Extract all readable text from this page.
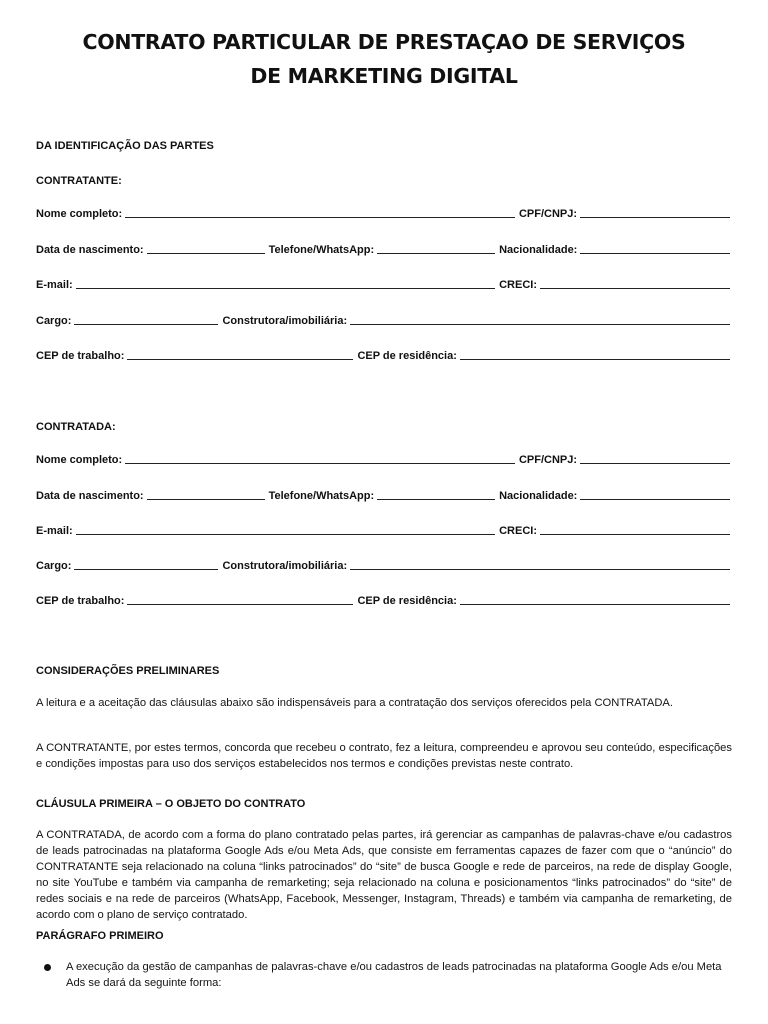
CONTRATO PARTICULAR DE PRESTAÇAO DE SERVIÇOS
DE MARKETING DIGITAL
DA IDENTIFICAÇÃO DAS PARTES
CONTRATANTE:
Nome completo:	CPF/CNPJ:
Data de nascimento:	Telefone/WhatsApp:	Nacionalidade:
E-mail:	CRECI:
Cargo:	Construtora/imobiliária:
CEP de trabalho:	CEP de residência:
CONTRATADA:
Nome completo:	CPF/CNPJ:
Data de nascimento:	Telefone/WhatsApp:	Nacionalidade:
E-mail:	CRECI:
Cargo:	Construtora/imobiliária:
CEP de trabalho:	CEP de residência:
CONSIDERAÇÕES PRELIMINARES
A leitura e a aceitação das cláusulas abaixo são indispensáveis para a contratação dos serviços oferecidos pela CONTRATADA.
A CONTRATANTE, por estes termos, concorda que recebeu o contrato, fez a leitura, compreendeu e aprovou seu conteúdo, especificações e condições impostas para uso dos serviços estabelecidos nos termos e condições previstas neste contrato.
CLÁUSULA PRIMEIRA – O OBJETO DO CONTRATO
A CONTRATADA, de acordo com a forma do plano contratado pelas partes, irá gerenciar as campanhas de palavras-chave e/ou cadastros de leads patrocinadas na plataforma Google Ads e/ou Meta Ads, que consiste em ferramentas capazes de fazer com que o “anúncio” do CONTRATANTE seja relacionado na coluna “links patrocinados” do “site” de busca Google e rede de parceiros, na rede de display Google, no site YouTube e também via campanha de remarketing; seja relacionado na coluna e posicionamentos “links patrocinados” do “site” de redes sociais e na rede de parceiros (WhatsApp, Facebook, Messenger, Instagram, Threads) e também via campanha de remarketing, de acordo com o plano de serviço contratado.
PARÁGRAFO PRIMEIRO
A execução da gestão de campanhas de palavras-chave e/ou cadastros de leads patrocinadas na plataforma Google Ads e/ou Meta Ads se dará da seguinte forma:
